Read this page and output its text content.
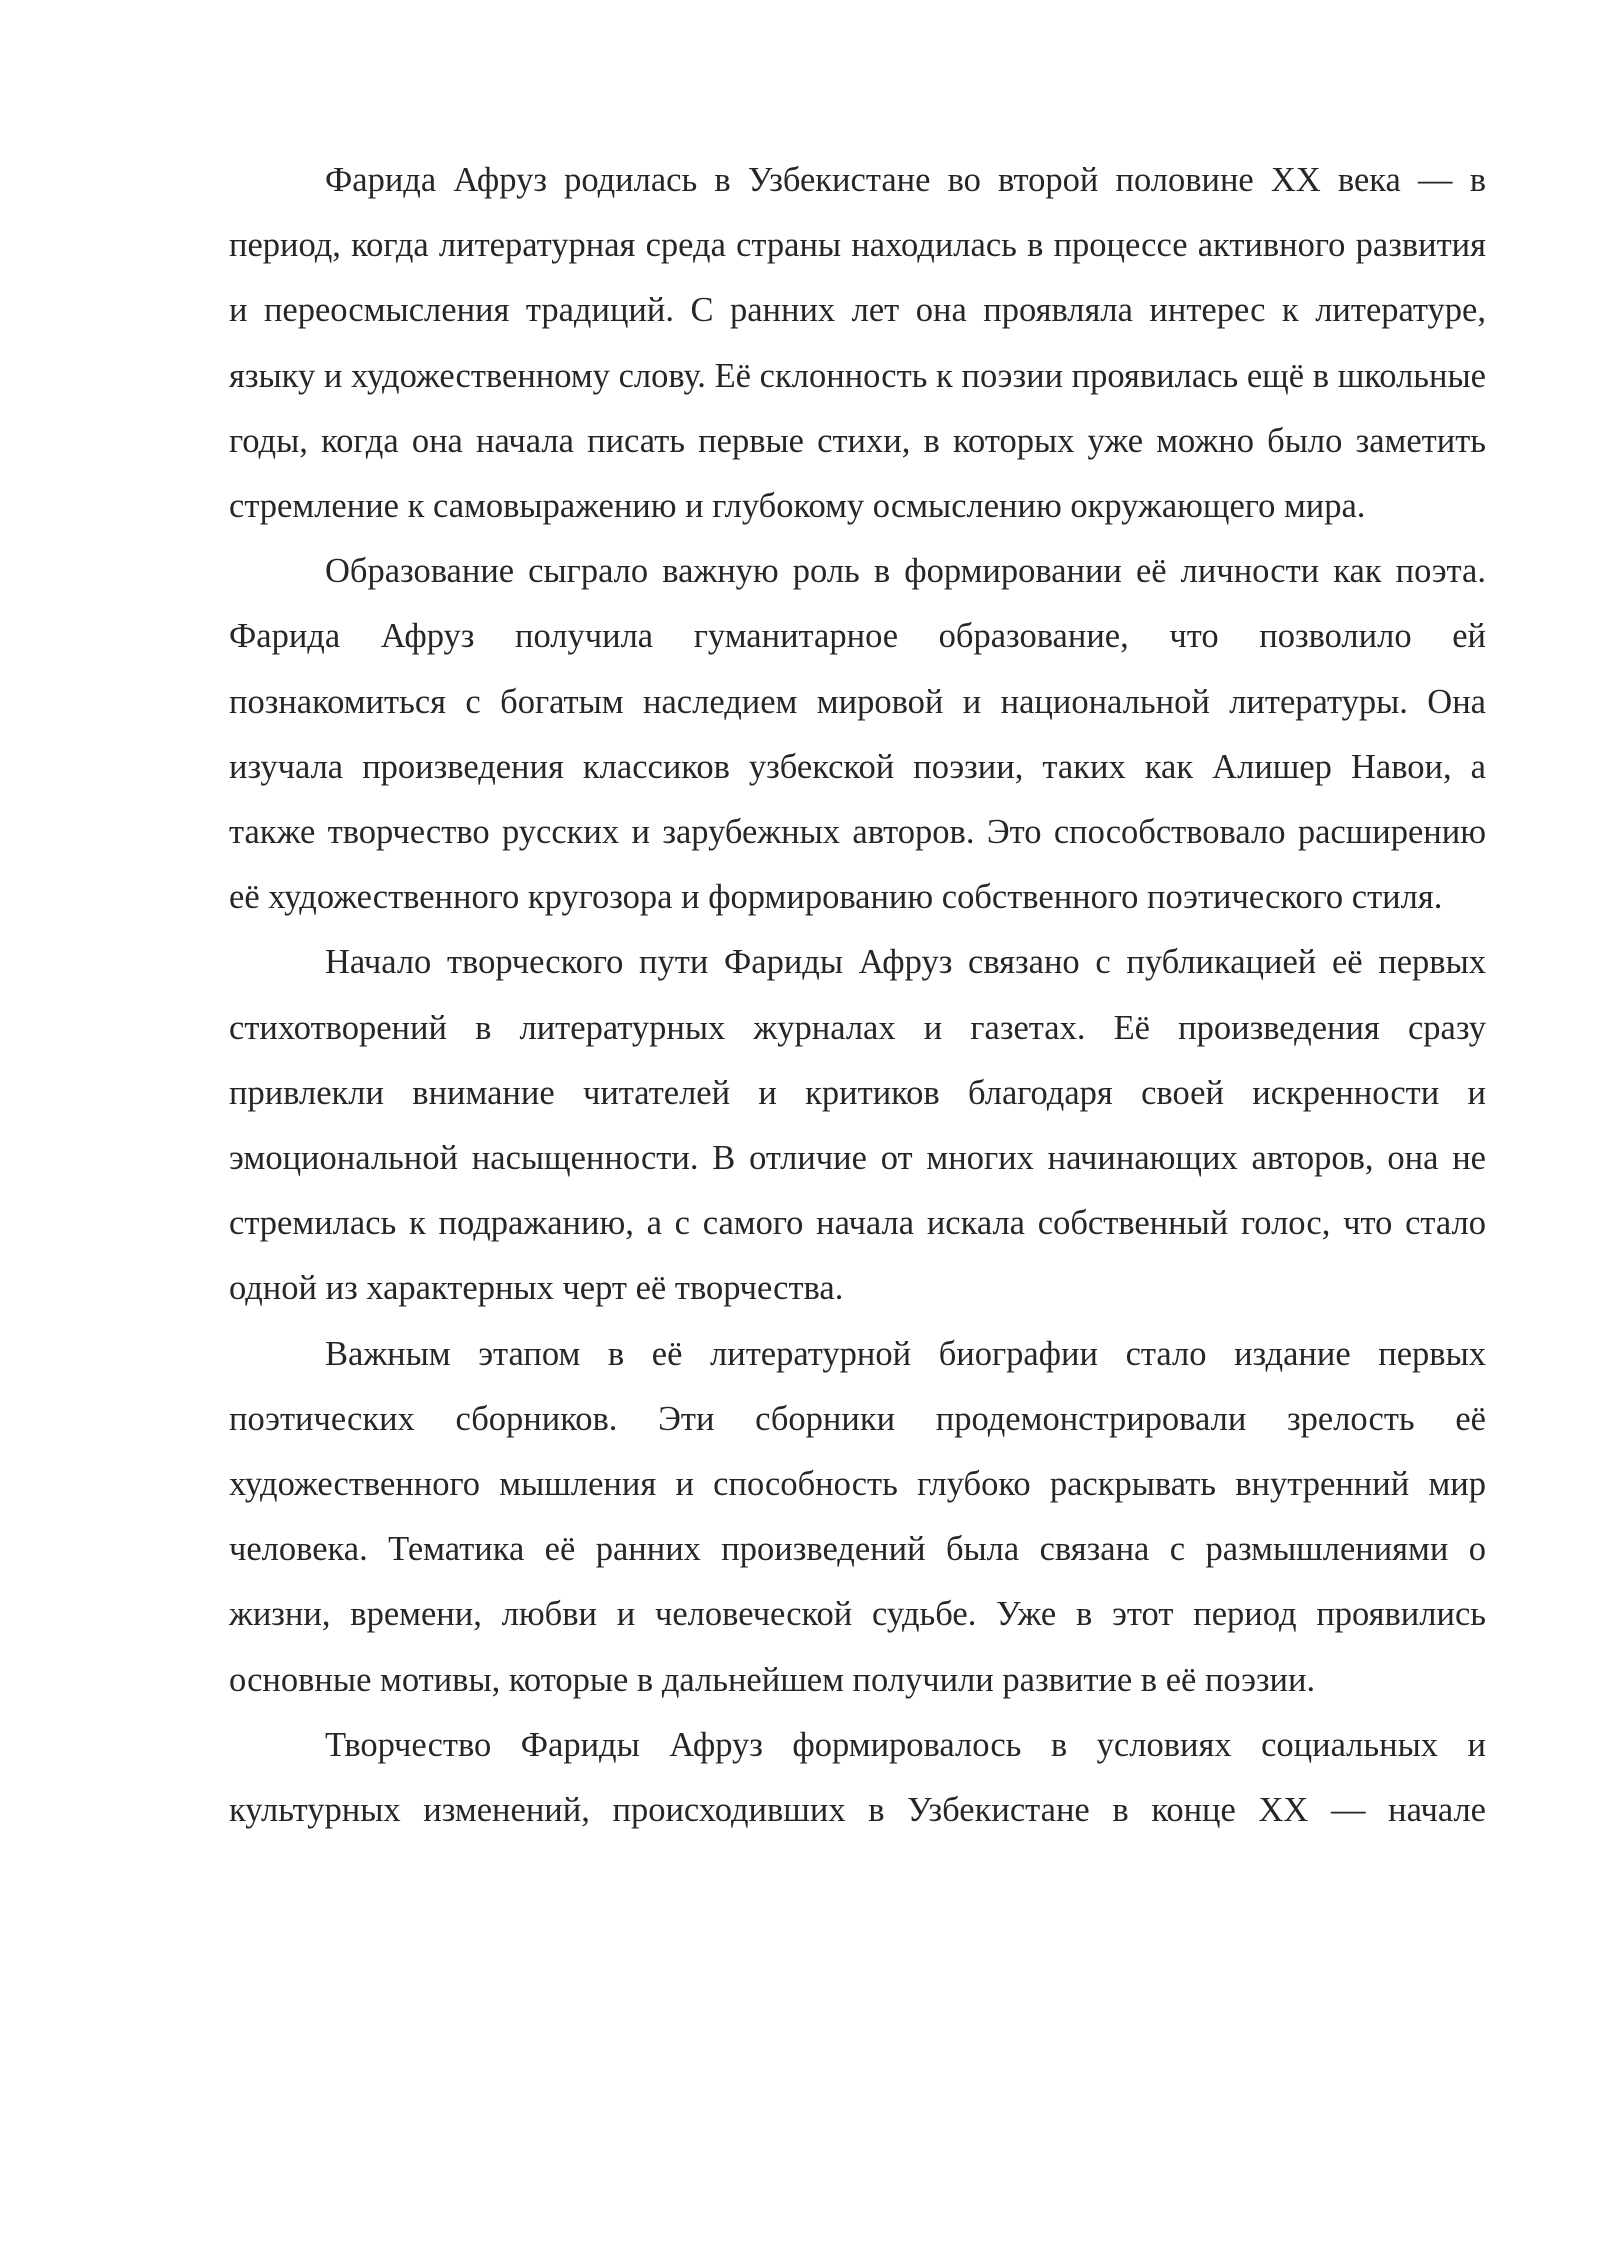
Фарида Афруз родилась в Узбекистане во второй половине XX века — в период, когда литературная среда страны находилась в процессе активного развития и переосмысления традиций. С ранних лет она проявляла интерес к литературе, языку и художественному слову. Её склонность к поэзии проявилась ещё в школьные годы, когда она начала писать первые стихи, в которых уже можно было заметить стремление к самовыражению и глубокому осмыслению окружающего мира.

Образование сыграло важную роль в формировании её личности как поэта. Фарида Афруз получила гуманитарное образование, что позволило ей познакомиться с богатым наследием мировой и национальной литературы. Она изучала произведения классиков узбекской поэзии, таких как Алишер Навои, а также творчество русских и зарубежных авторов. Это способствовало расширению её художественного кругозора и формированию собственного поэтического стиля.

Начало творческого пути Фариды Афруз связано с публикацией её первых стихотворений в литературных журналах и газетах. Её произведения сразу привлекли внимание читателей и критиков благодаря своей искренности и эмоциональной насыщенности. В отличие от многих начинающих авторов, она не стремилась к подражанию, а с самого начала искала собственный голос, что стало одной из характерных черт её творчества.

Важным этапом в её литературной биографии стало издание первых поэтических сборников. Эти сборники продемонстрировали зрелость её художественного мышления и способность глубоко раскрывать внутренний мир человека. Тематика её ранних произведений была связана с размышлениями о жизни, времени, любви и человеческой судьбе. Уже в этот период проявились основные мотивы, которые в дальнейшем получили развитие в её поэзии.

Творчество Фариды Афруз формировалось в условиях социальных и культурных изменений, происходивших в Узбекистане в конце XX — начале
